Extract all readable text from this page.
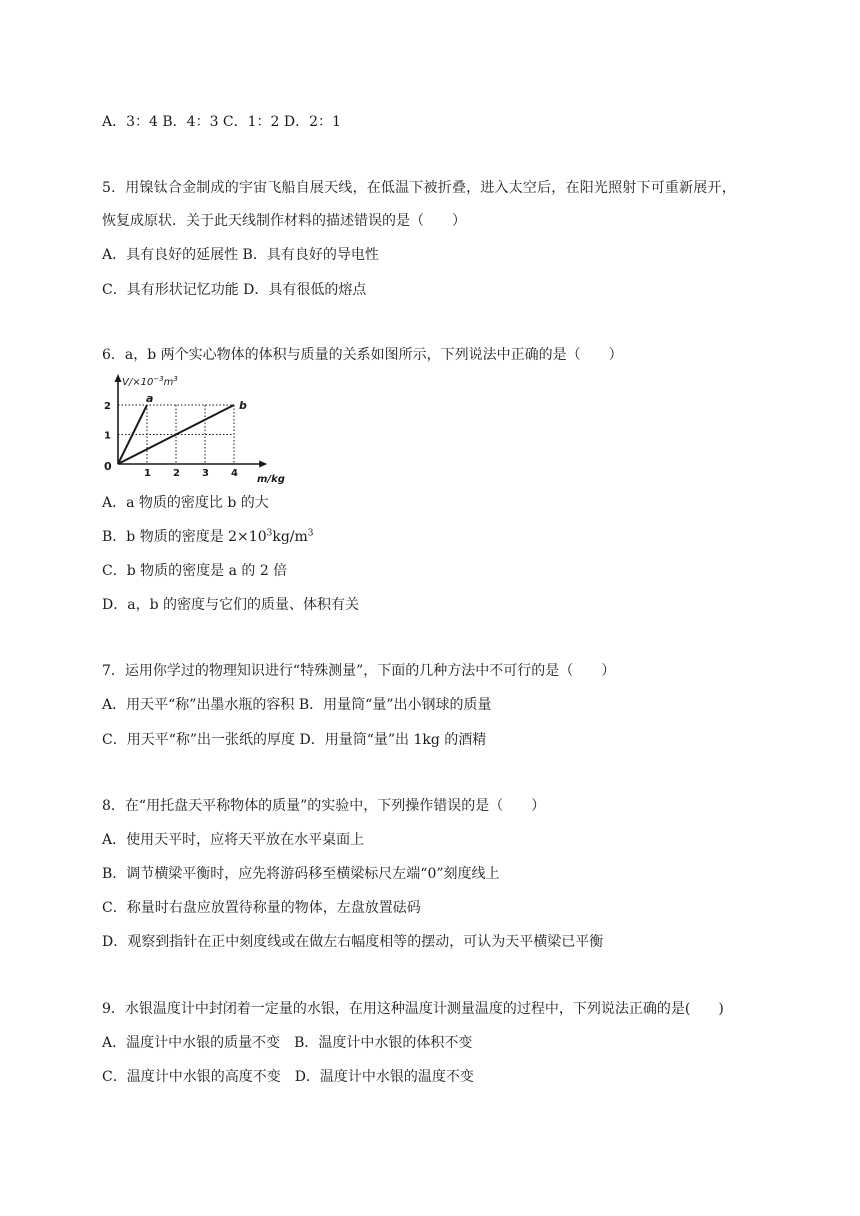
A．3：4 B．4：3 C．1：2 D．2：1
5．用镍钛合金制成的宇宙飞船自展天线，在低温下被折叠，进入太空后，在阳光照射下可重新展开，
恢复成原状．关于此天线制作材料的描述错误的是（　　）
A．具有良好的延展性 B．具有良好的导电性
C．具有形状记忆功能 D．具有很低的熔点
6．a，b 两个实心物体的体积与质量的关系如图所示，下列说法中正确的是（　　）
1 2 3 4
1
2
a
b
$V/\times 10^{-3}m^3$
m/kg
0
A．a 物质的密度比 b 的大
B．b 物质的密度是 $2\times 10^3kg/m^3$
C．b 物质的密度是 a 的 2 倍
D．a，b 的密度与它们的质量、体积有关
7．运用你学过的物理知识进行“特殊测量”，下面的几种方法中不可行的是（　　）
A．用天平“称”出墨水瓶的容积 B．用量筒“量”出小钢球的质量
C．用天平“称”出一张纸的厚度 D．用量筒“量”出 1kg 的酒精
8．在“用托盘天平称物体的质量”的实验中，下列操作错误的是（　　）
A．使用天平时，应将天平放在水平桌面上
B．调节横梁平衡时，应先将游码移至横梁标尺左端“0”刻度线上
C．称量时右盘应放置待称量的物体，左盘放置砝码
D．观察到指针在正中刻度线或在做左右幅度相等的摆动，可认为天平横梁已平衡
9．水银温度计中封闭着一定量的水银，在用这种温度计测量温度的过程中，下列说法正确的是(　　)
A．温度计中水银的质量不变　B．温度计中水银的体积不变
C．温度计中水银的高度不变　D．温度计中水银的温度不变
